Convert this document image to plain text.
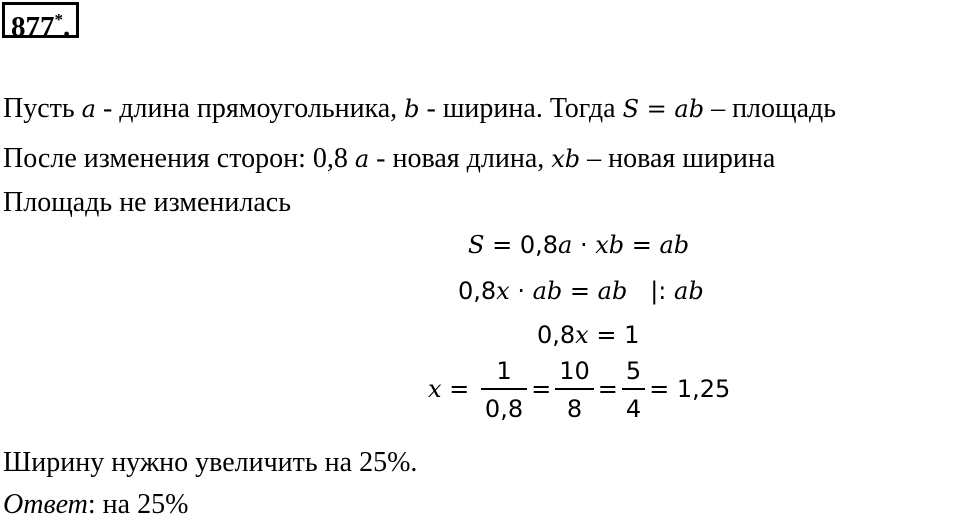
877*.
Пусть a - длина прямоугольника, b - ширина. Тогда S = ab – площадь
После изменения сторон: 0,8 a - новая длина, xb – новая ширина
Площадь не изменилась
S = 0,8a · xb = ab
0,8x · ab = ab   |: ab
0,8x = 1
$x = \frac{1}{0,8} = \frac{10}{8} = \frac{5}{4} = 1,25$
Ширину нужно увеличить на 25%.
Ответ: на 25%
